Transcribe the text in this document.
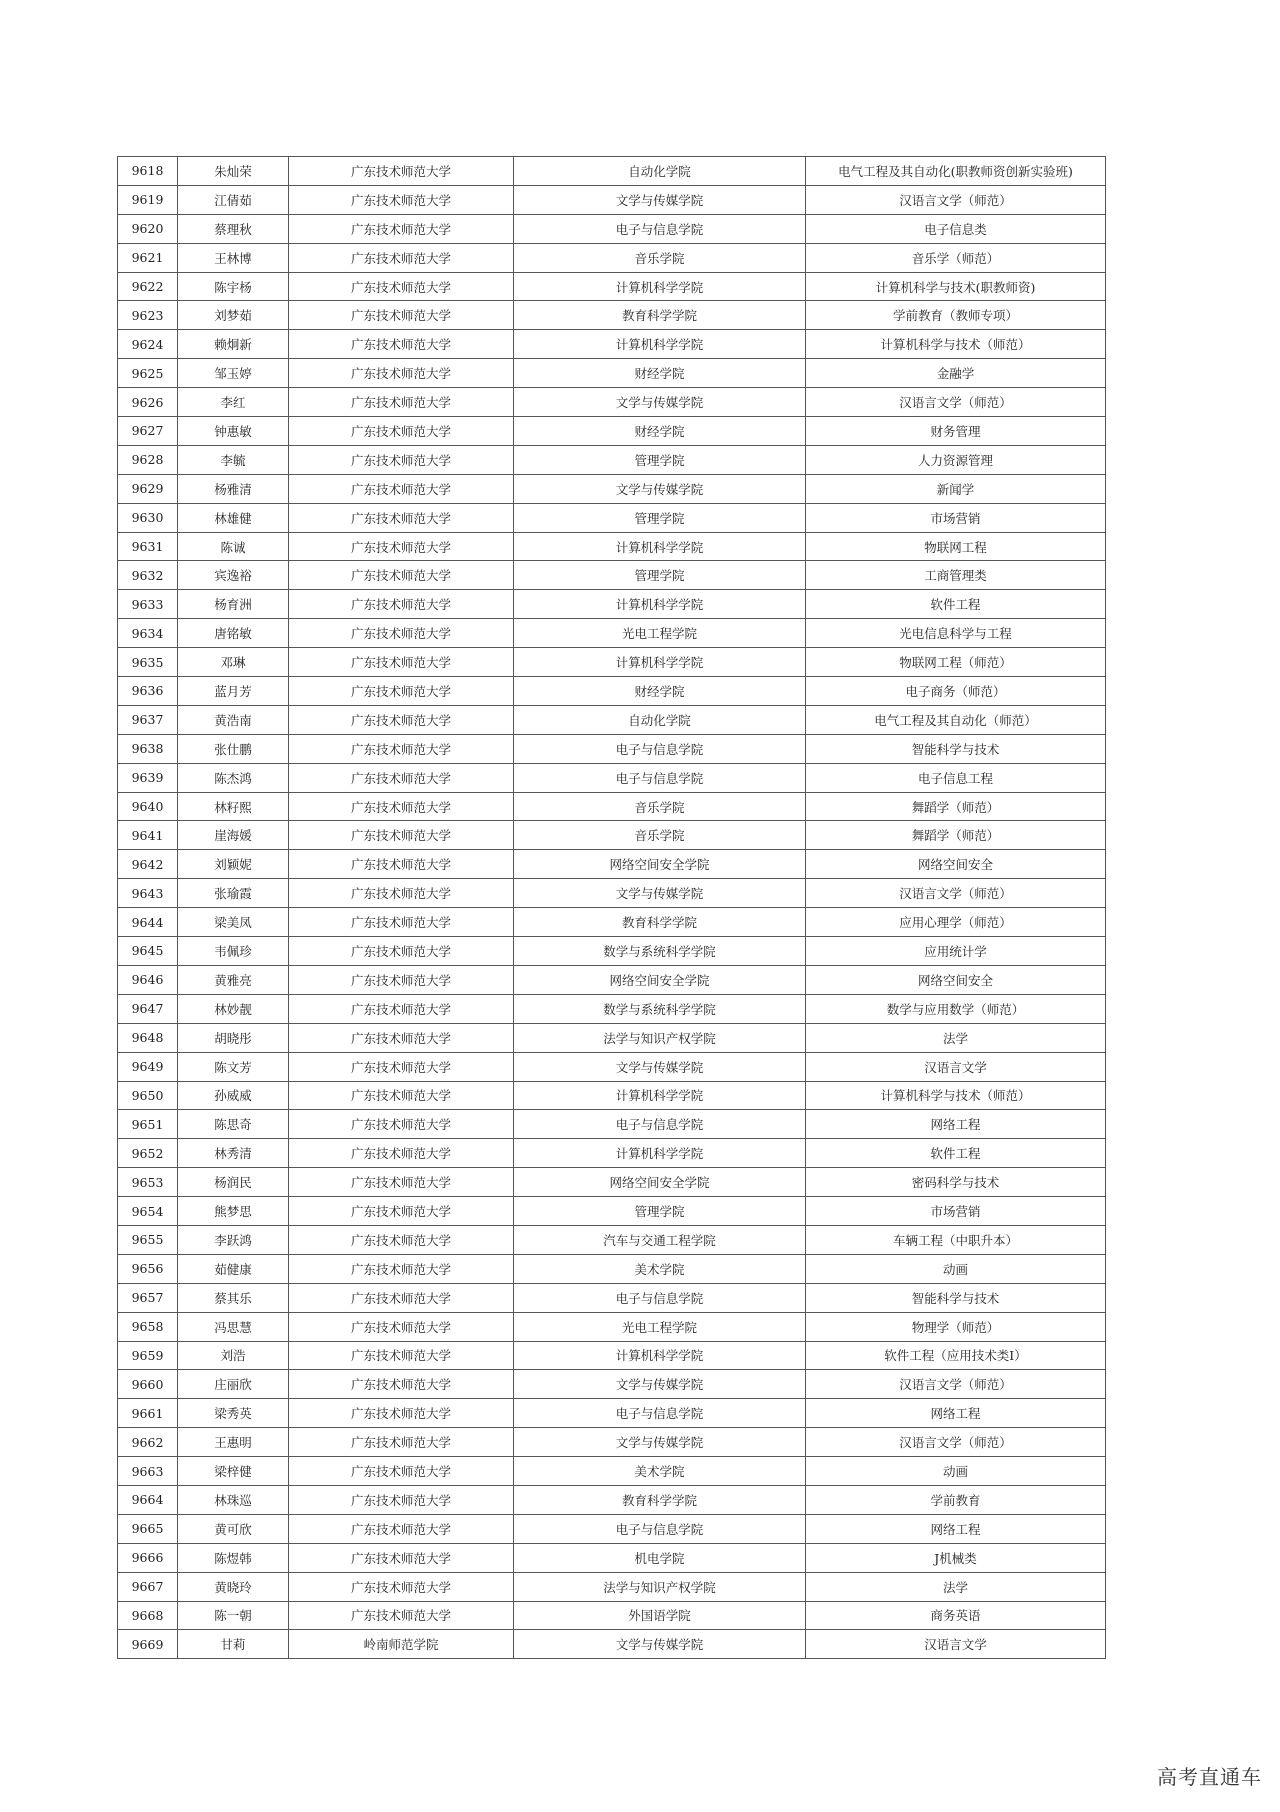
9618	朱灿荣	广东技术师范大学	自动化学院	电气工程及其自动化(职教师资创新实验班)
9619	江倩茹	广东技术师范大学	文学与传媒学院	汉语言文学（师范）
9620	蔡理秋	广东技术师范大学	电子与信息学院	电子信息类
9621	王林博	广东技术师范大学	音乐学院	音乐学（师范）
9622	陈宇杨	广东技术师范大学	计算机科学学院	计算机科学与技术(职教师资)
9623	刘梦茹	广东技术师范大学	教育科学学院	学前教育（教师专项）
9624	赖炯新	广东技术师范大学	计算机科学学院	计算机科学与技术（师范）
9625	邹玉婷	广东技术师范大学	财经学院	金融学
9626	李红	广东技术师范大学	文学与传媒学院	汉语言文学（师范）
9627	钟惠敏	广东技术师范大学	财经学院	财务管理
9628	李毓	广东技术师范大学	管理学院	人力资源管理
9629	杨雅清	广东技术师范大学	文学与传媒学院	新闻学
9630	林雄健	广东技术师范大学	管理学院	市场营销
9631	陈诚	广东技术师范大学	计算机科学学院	物联网工程
9632	宾逸裕	广东技术师范大学	管理学院	工商管理类
9633	杨育洲	广东技术师范大学	计算机科学学院	软件工程
9634	唐铭敏	广东技术师范大学	光电工程学院	光电信息科学与工程
9635	邓琳	广东技术师范大学	计算机科学学院	物联网工程（师范）
9636	蓝月芳	广东技术师范大学	财经学院	电子商务（师范）
9637	黄浩南	广东技术师范大学	自动化学院	电气工程及其自动化（师范）
9638	张仕鹏	广东技术师范大学	电子与信息学院	智能科学与技术
9639	陈杰鸿	广东技术师范大学	电子与信息学院	电子信息工程
9640	林籽熙	广东技术师范大学	音乐学院	舞蹈学（师范）
9641	崖海媛	广东技术师范大学	音乐学院	舞蹈学（师范）
9642	刘颖妮	广东技术师范大学	网络空间安全学院	网络空间安全
9643	张瑜霞	广东技术师范大学	文学与传媒学院	汉语言文学（师范）
9644	梁美凤	广东技术师范大学	教育科学学院	应用心理学（师范）
9645	韦佩珍	广东技术师范大学	数学与系统科学学院	应用统计学
9646	黄雅亮	广东技术师范大学	网络空间安全学院	网络空间安全
9647	林妙靓	广东技术师范大学	数学与系统科学学院	数学与应用数学（师范）
9648	胡晓彤	广东技术师范大学	法学与知识产权学院	法学
9649	陈文芳	广东技术师范大学	文学与传媒学院	汉语言文学
9650	孙威威	广东技术师范大学	计算机科学学院	计算机科学与技术（师范）
9651	陈思奇	广东技术师范大学	电子与信息学院	网络工程
9652	林秀清	广东技术师范大学	计算机科学学院	软件工程
9653	杨润民	广东技术师范大学	网络空间安全学院	密码科学与技术
9654	熊梦思	广东技术师范大学	管理学院	市场营销
9655	李跃鸿	广东技术师范大学	汽车与交通工程学院	车辆工程（中职升本）
9656	茹健康	广东技术师范大学	美术学院	动画
9657	蔡其乐	广东技术师范大学	电子与信息学院	智能科学与技术
9658	冯思慧	广东技术师范大学	光电工程学院	物理学（师范）
9659	刘浩	广东技术师范大学	计算机科学学院	软件工程（应用技术类I）
9660	庄丽欣	广东技术师范大学	文学与传媒学院	汉语言文学（师范）
9661	梁秀英	广东技术师范大学	电子与信息学院	网络工程
9662	王惠明	广东技术师范大学	文学与传媒学院	汉语言文学（师范）
9663	梁梓健	广东技术师范大学	美术学院	动画
9664	林珠巡	广东技术师范大学	教育科学学院	学前教育
9665	黄可欣	广东技术师范大学	电子与信息学院	网络工程
9666	陈煜韩	广东技术师范大学	机电学院	J机械类
9667	黄晓玲	广东技术师范大学	法学与知识产权学院	法学
9668	陈一朝	广东技术师范大学	外国语学院	商务英语
9669	甘莉	岭南师范学院	文学与传媒学院	汉语言文学
高考直通车
